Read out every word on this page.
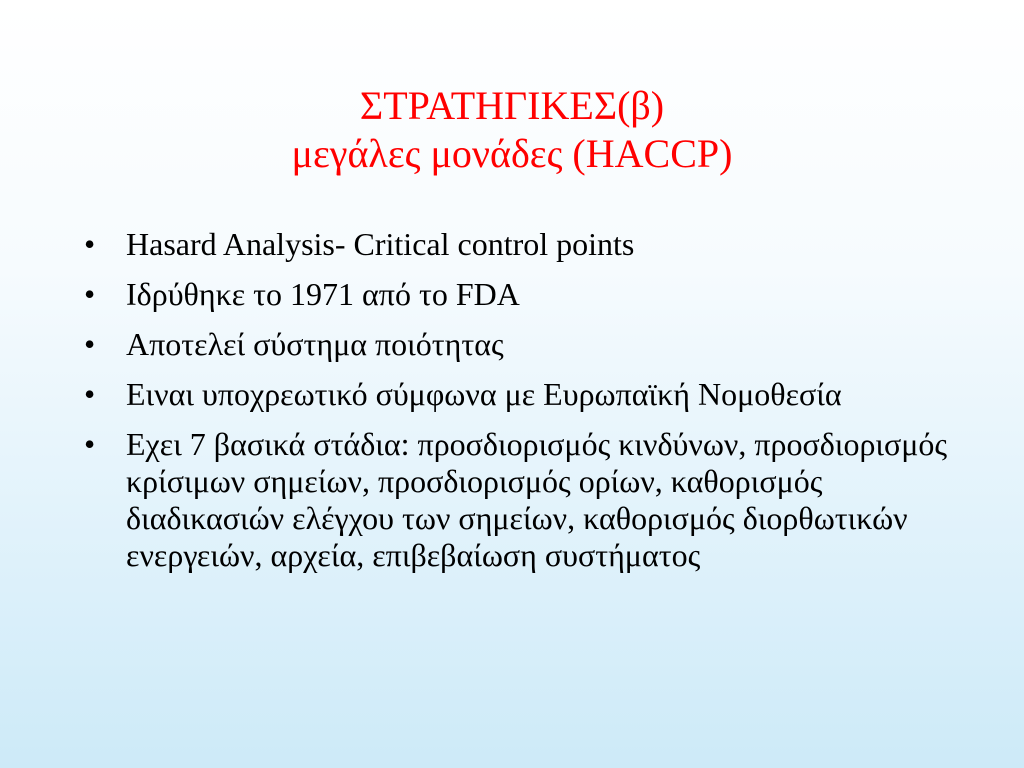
ΣΤΡΑΤΗΓΙΚΕΣ(β)
μεγάλες μονάδες (HACCP)
• Hasard Analysis- Critical control points
• Ιδρύθηκε το 1971 από το FDA
• Αποτελεί σύστημα ποιότητας
• Ειναι υποχρεωτικό σύμφωνα με Ευρωπαϊκή Νομοθεσία
• Εχει 7 βασικά στάδια: προσδιορισμός κινδύνων, προσδιορισμός κρίσιμων σημείων, προσδιορισμός ορίων, καθορισμός διαδικασιών ελέγχου των σημείων, καθορισμός διορθωτικών ενεργειών, αρχεία, επιβεβαίωση συστήματος
